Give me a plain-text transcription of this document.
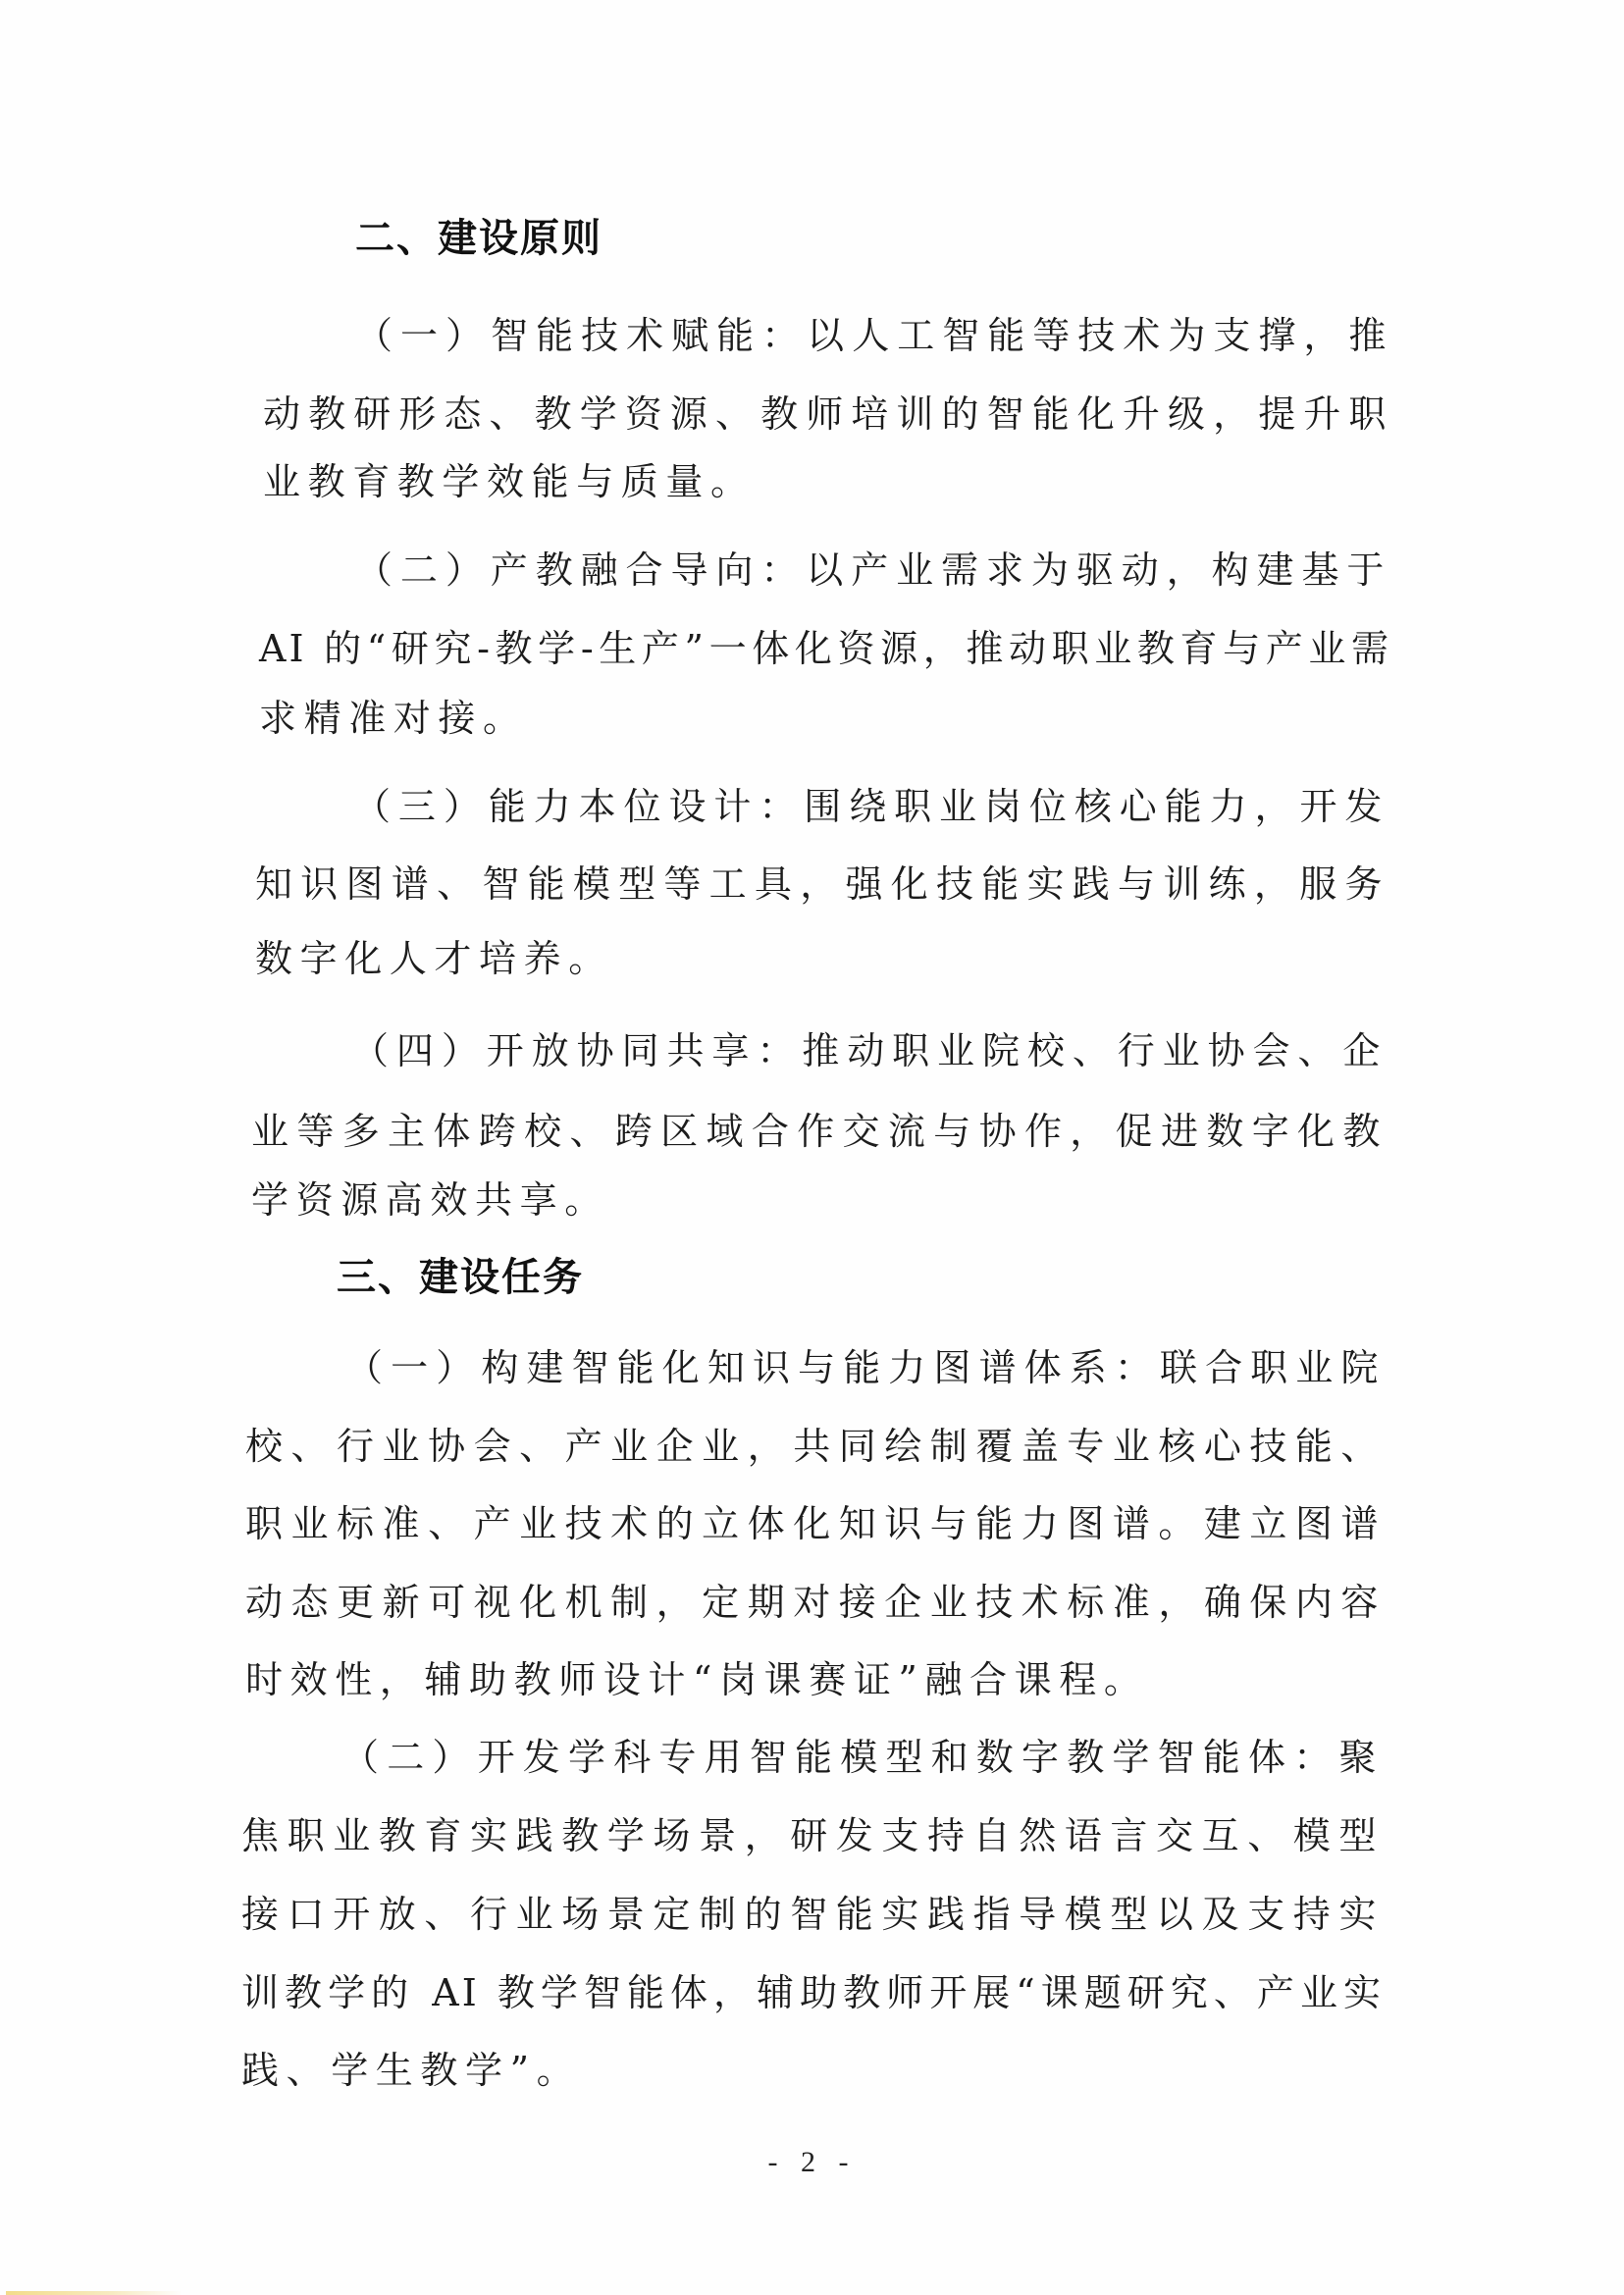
二、建设原则
（一）智能技术赋能：以人工智能等技术为支撑，推
动教研形态、教学资源、教师培训的智能化升级，提升职
业教育教学效能与质量。
（二）产教融合导向：以产业需求为驱动，构建基于
AI 的“研究-教学-生产”一体化资源，推动职业教育与产业需
求精准对接。
（三）能力本位设计：围绕职业岗位核心能力，开发
知识图谱、智能模型等工具，强化技能实践与训练，服务
数字化人才培养。
（四）开放协同共享：推动职业院校、行业协会、企
业等多主体跨校、跨区域合作交流与协作，促进数字化教
学资源高效共享。
三、建设任务
（一）构建智能化知识与能力图谱体系：联合职业院
校、行业协会、产业企业，共同绘制覆盖专业核心技能、
职业标准、产业技术的立体化知识与能力图谱。建立图谱
动态更新可视化机制，定期对接企业技术标准，确保内容
时效性，辅助教师设计“岗课赛证”融合课程。
（二）开发学科专用智能模型和数字教学智能体：聚
焦职业教育实践教学场景，研发支持自然语言交互、模型
接口开放、行业场景定制的智能实践指导模型以及支持实
训教学的 AI 教学智能体，辅助教师开展“课题研究、产业实
践、学生教学”。
- 2 -
